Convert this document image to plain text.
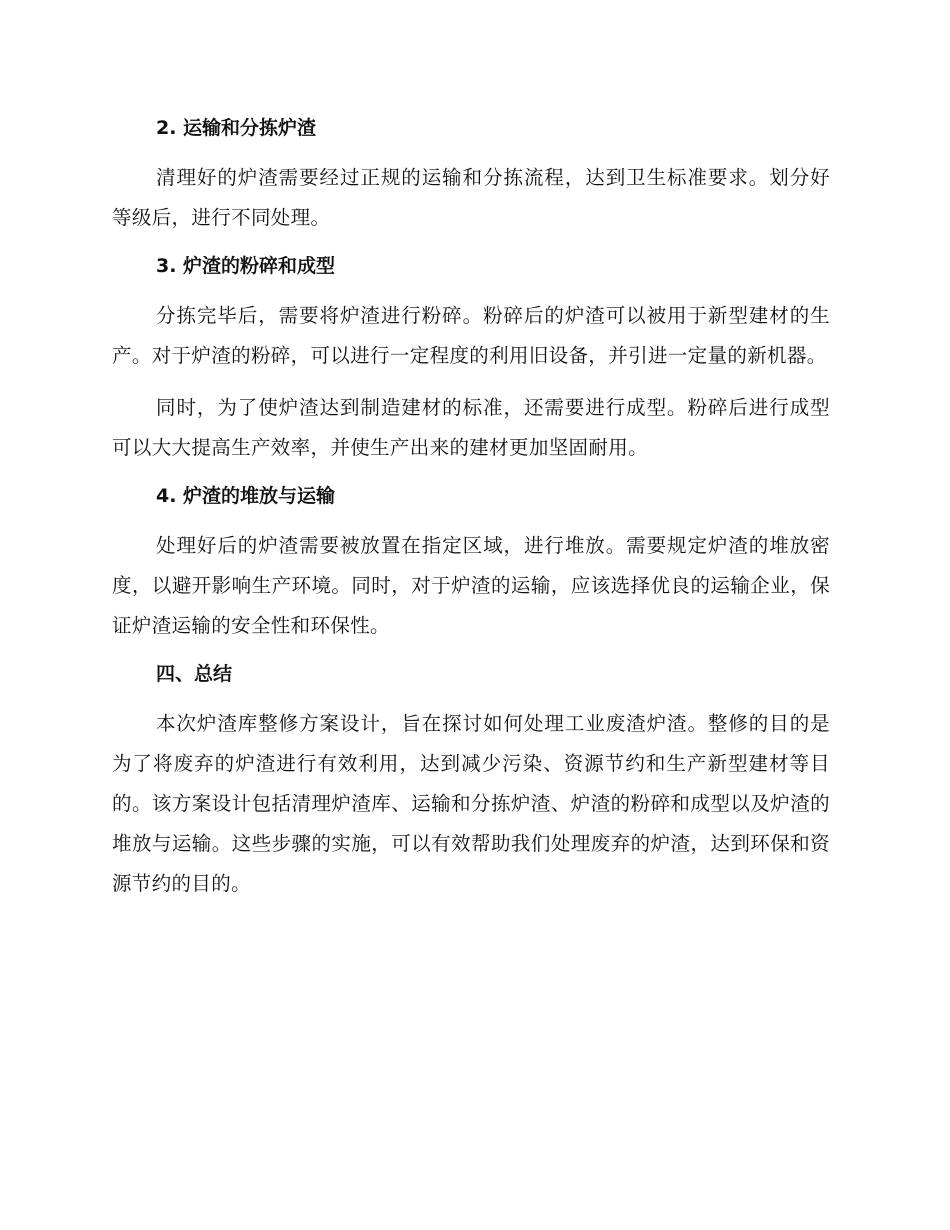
2. 运输和分拣炉渣

清理好的炉渣需要经过正规的运输和分拣流程，达到卫生标准要求。划分好等级后，进行不同处理。

3. 炉渣的粉碎和成型

分拣完毕后，需要将炉渣进行粉碎。粉碎后的炉渣可以被用于新型建材的生产。对于炉渣的粉碎，可以进行一定程度的利用旧设备，并引进一定量的新机器。

同时，为了使炉渣达到制造建材的标准，还需要进行成型。粉碎后进行成型可以大大提高生产效率，并使生产出来的建材更加坚固耐用。

4. 炉渣的堆放与运输

处理好后的炉渣需要被放置在指定区域，进行堆放。需要规定炉渣的堆放密度，以避开影响生产环境。同时，对于炉渣的运输，应该选择优良的运输企业，保证炉渣运输的安全性和环保性。

四、总结

本次炉渣库整修方案设计，旨在探讨如何处理工业废渣炉渣。整修的目的是为了将废弃的炉渣进行有效利用，达到减少污染、资源节约和生产新型建材等目的。该方案设计包括清理炉渣库、运输和分拣炉渣、炉渣的粉碎和成型以及炉渣的堆放与运输。这些步骤的实施，可以有效帮助我们处理废弃的炉渣，达到环保和资源节约的目的。
